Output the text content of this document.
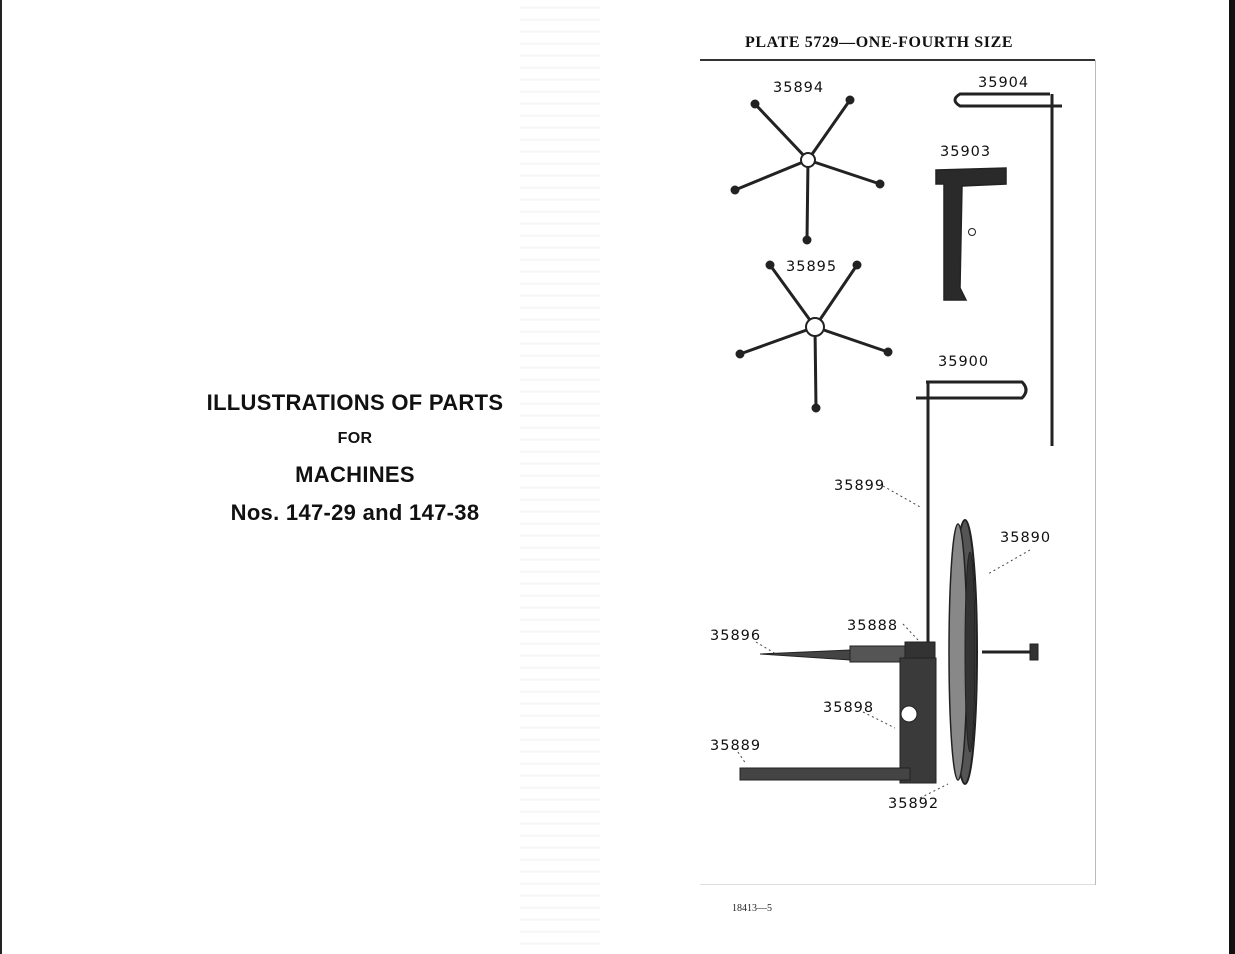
ILLUSTRATIONS OF PARTS
FOR
MACHINES
Nos. 147-29 and 147-38
PLATE 5729—ONE-FOURTH SIZE
35894	35904
35903
35895
35900
35899
35890
35896
35888
35898
35889
35892
18413—5
